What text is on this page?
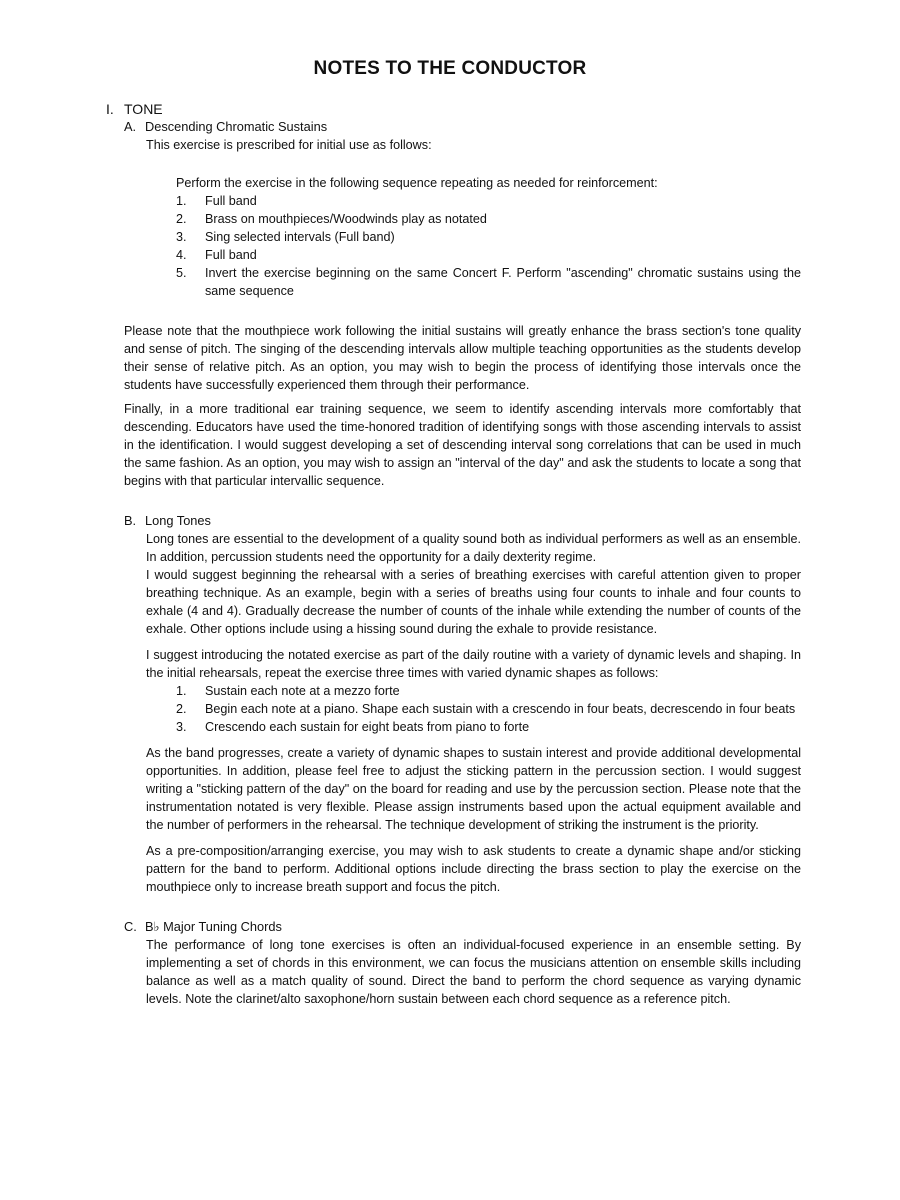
NOTES TO THE CONDUCTOR
I. TONE
A. Descending Chromatic Sustains

This exercise is prescribed for initial use as follows:

Perform the exercise in the following sequence repeating as needed for reinforcement:

1. Full band
2. Brass on mouthpieces/Woodwinds play as notated
3. Sing selected intervals (Full band)
4. Full band
5. Invert the exercise beginning on the same Concert F. Perform "ascending" chromatic sustains using the same sequence

Please note that the mouthpiece work following the initial sustains will greatly enhance the brass section's tone quality and sense of pitch. The singing of the descending intervals allow multiple teaching opportunities as the students develop their sense of relative pitch. As an option, you may wish to begin the process of identifying those intervals once the students have successfully experienced them through their performance.

Finally, in a more traditional ear training sequence, we seem to identify ascending intervals more comfortably that descending. Educators have used the time-honored tradition of identifying songs with those ascending intervals to assist in the identification. I would suggest developing a set of descending interval song correlations that can be used in much the same fashion. As an option, you may wish to assign an "interval of the day" and ask the students to locate a song that begins with that particular intervallic sequence.

B. Long Tones

Long tones are essential to the development of a quality sound both as individual performers as well as an ensemble. In addition, percussion students need the opportunity for a daily dexterity regime.

I would suggest beginning the rehearsal with a series of breathing exercises with careful attention given to proper breathing technique. As an example, begin with a series of breaths using four counts to inhale and four counts to exhale (4 and 4). Gradually decrease the number of counts of the inhale while extending the number of counts of the exhale. Other options include using a hissing sound during the exhale to provide resistance.

I suggest introducing the notated exercise as part of the daily routine with a variety of dynamic levels and shaping. In the initial rehearsals, repeat the exercise three times with varied dynamic shapes as follows:

1. Sustain each note at a mezzo forte
2. Begin each note at a piano. Shape each sustain with a crescendo in four beats, decrescendo in four beats
3. Crescendo each sustain for eight beats from piano to forte

As the band progresses, create a variety of dynamic shapes to sustain interest and provide additional developmental opportunities. In addition, please feel free to adjust the sticking pattern in the percussion section. I would suggest writing a "sticking pattern of the day" on the board for reading and use by the percussion section. Please note that the instrumentation notated is very flexible. Please assign instruments based upon the actual equipment available and the number of performers in the rehearsal. The technique development of striking the instrument is the priority.

As a pre-composition/arranging exercise, you may wish to ask students to create a dynamic shape and/or sticking pattern for the band to perform. Additional options include directing the brass section to play the exercise on the mouthpiece only to increase breath support and focus the pitch.

C. B♭ Major Tuning Chords

The performance of long tone exercises is often an individual-focused experience in an ensemble setting. By implementing a set of chords in this environment, we can focus the musicians attention on ensemble skills including balance as well as a match quality of sound. Direct the band to perform the chord sequence as varying dynamic levels. Note the clarinet/alto saxophone/horn sustain between each chord sequence as a reference pitch.
